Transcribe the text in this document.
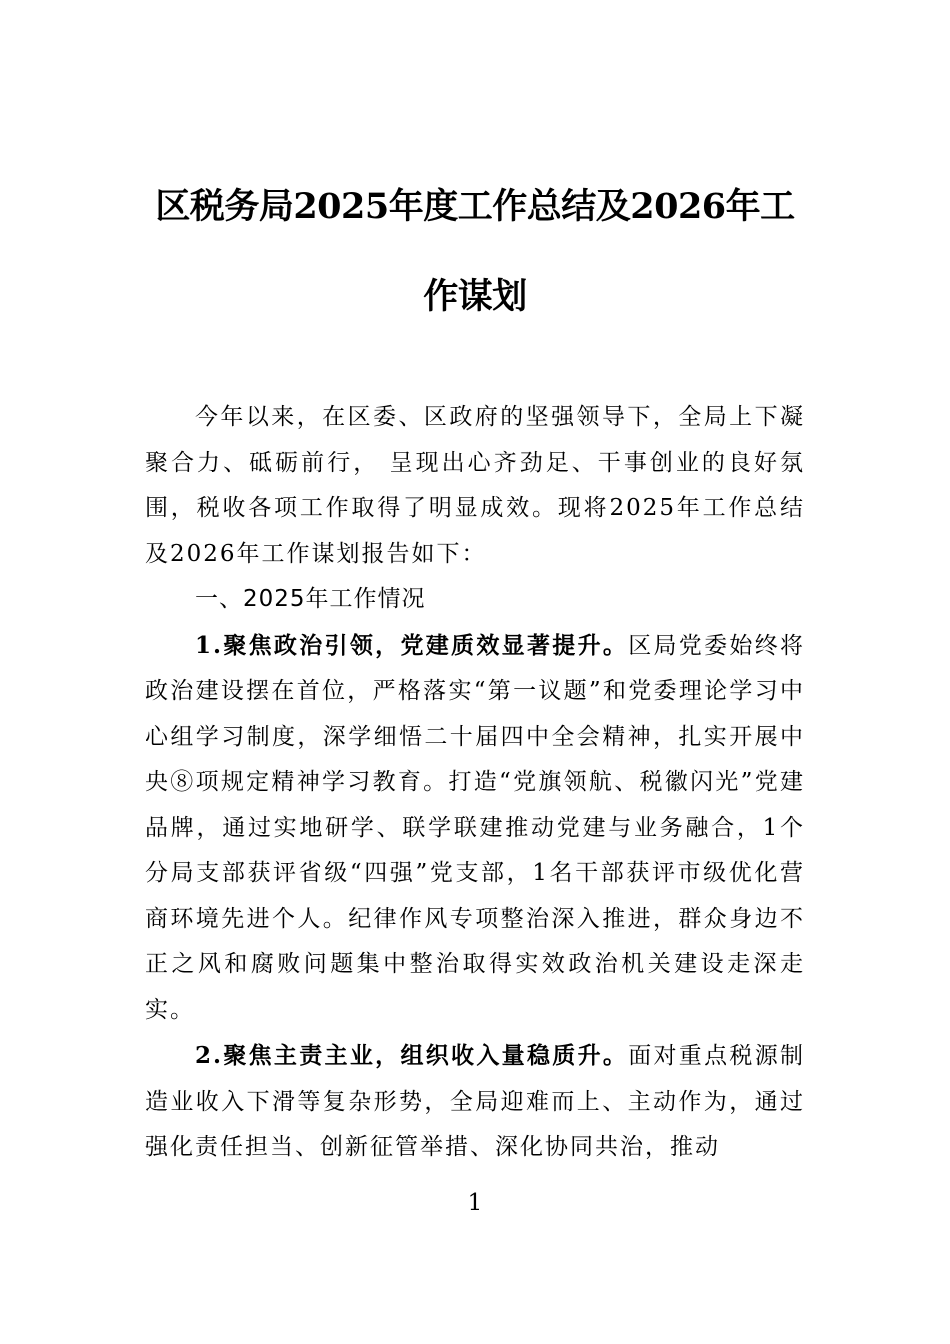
区税务局2025年度工作总结及2026年工作谋划

今年以来，在区委、区政府的坚强领导下，全局上下凝聚合力、砥砺前行， 呈现出心齐劲足、干事创业的良好氛围，税收各项工作取得了明显成效。现将2025年工作总结及2026年工作谋划报告如下：

一、2025年工作情况

1.聚焦政治引领，党建质效显著提升。区局党委始终将政治建设摆在首位，严格落实“第一议题”和党委理论学习中心组学习制度，深学细悟二十届四中全会精神，扎实开展中央⑧项规定精神学习教育。打造“党旗领航、税徽闪光”党建品牌，通过实地研学、联学联建推动党建与业务融合，1个分局支部获评省级“四强”党支部，1名干部获评市级优化营商环境先进个人。纪律作风专项整治深入推进，群众身边不正之风和腐败问题集中整治取得实效政治机关建设走深走实。

2.聚焦主责主业，组织收入量稳质升。面对重点税源制造业收入下滑等复杂形势，全局迎难而上、主动作为，通过强化责任担当、创新征管举措、深化协同共治，推动

1
